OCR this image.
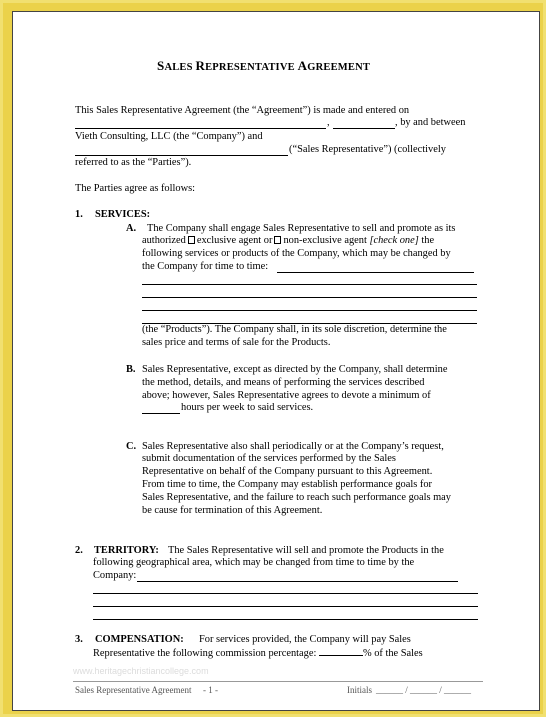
SALES REPRESENTATIVE AGREEMENT
This Sales Representative Agreement (the “Agreement”) is made and entered on
,	, by and between
Vieth Consulting, LLC (the “Company”) and
(“Sales Representative”) (collectively
referred to as the “Parties”).
The Parties agree as follows:
1. SERVICES:
A. The Company shall engage Sales Representative to sell and promote as its
authorized exclusive agent or non-exclusive agent [check one] the
following services or products of the Company, which may be changed by
the Company for time to time:
(the “Products”). The Company shall, in its sole discretion, determine the
sales price and terms of sale for the Products.
B. Sales Representative, except as directed by the Company, shall determine
the method, details, and means of performing the services described
above; however, Sales Representative agrees to devote a minimum of
hours per week to said services.
C. Sales Representative also shall periodically or at the Company’s request,
submit documentation of the services performed by the Sales
Representative on behalf of the Company pursuant to this Agreement.
From time to time, the Company may establish performance goals for
Sales Representative, and the failure to reach such performance goals may
be cause for termination of this Agreement.
2. TERRITORY: The Sales Representative will sell and promote the Products in the
following geographical area, which may be changed from time to time by the
Company:
3. COMPENSATION: For services provided, the Company will pay Sales
Representative the following commission percentage:	% of the Sales
www.heritagechristiancollege.com
Sales Representative Agreement - 1 -	Initials ______ / ______ / ______
